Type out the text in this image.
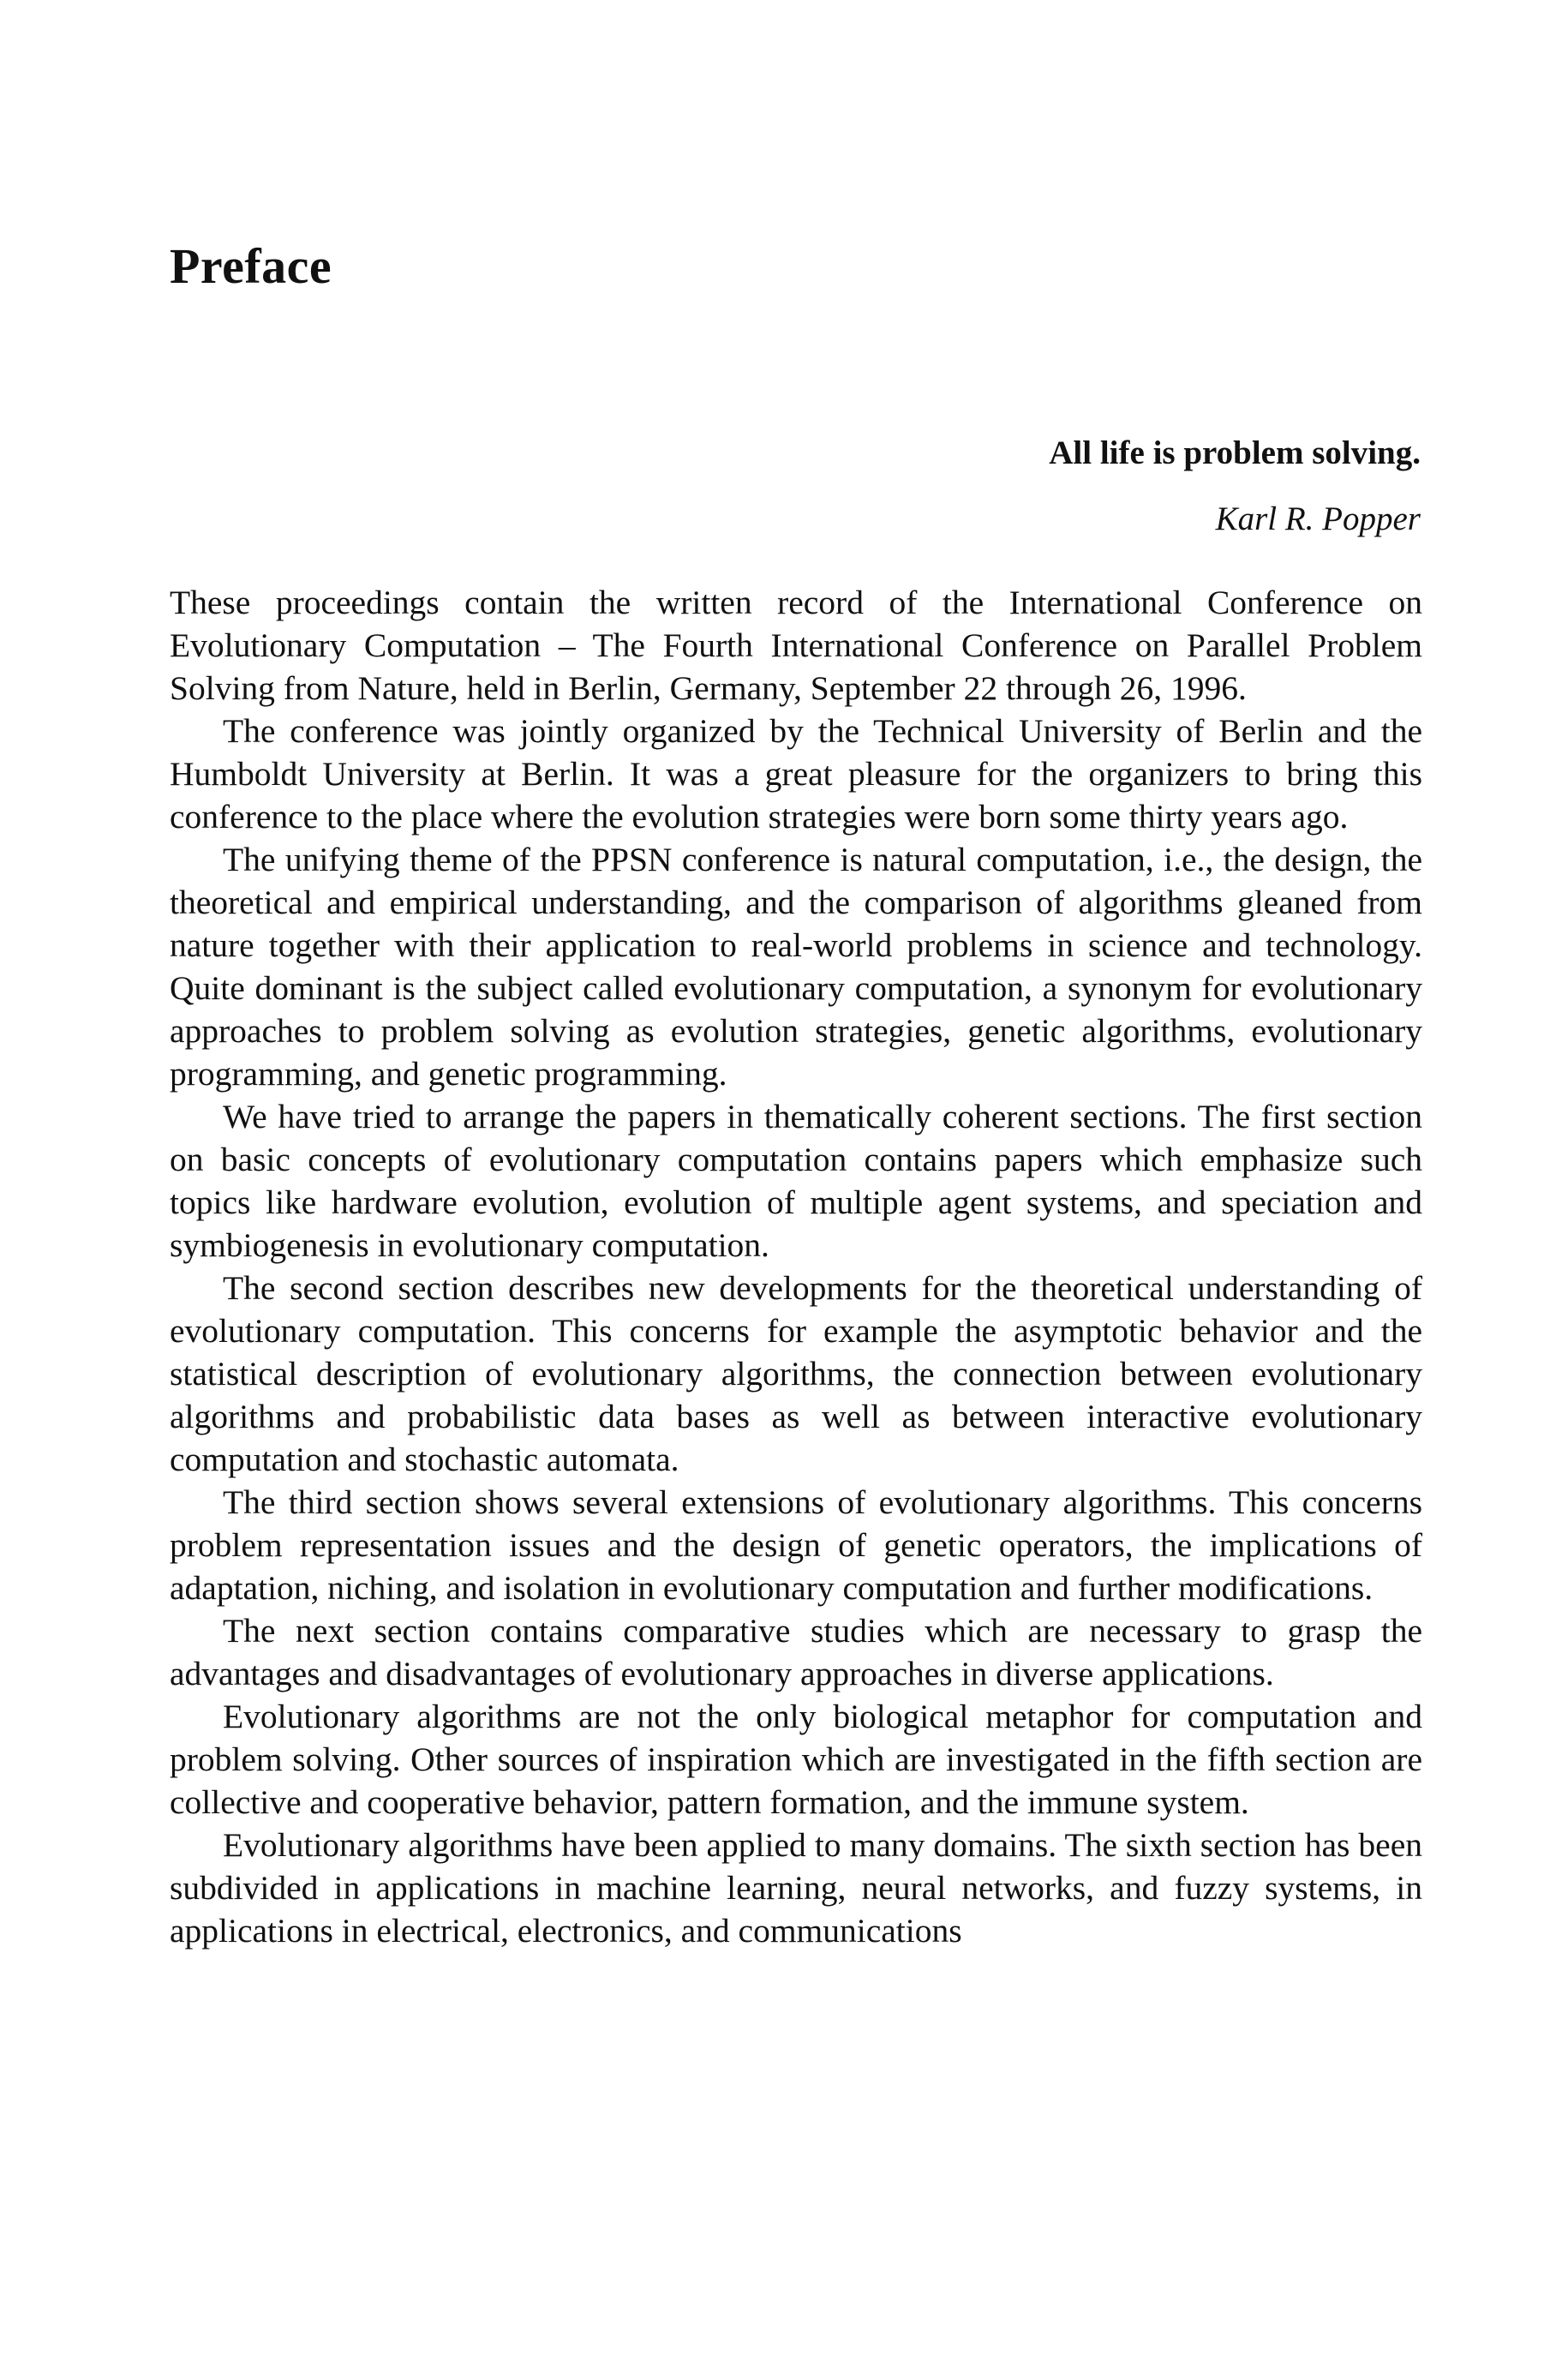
Preface
All life is problem solving.
Karl R. Popper

These proceedings contain the written record of the International Conference on Evolutionary Computation – The Fourth International Conference on Parallel Problem Solving from Nature, held in Berlin, Germany, September 22 through 26, 1996.

The conference was jointly organized by the Technical University of Berlin and the Humboldt University at Berlin. It was a great pleasure for the organizers to bring this conference to the place where the evolution strategies were born some thirty years ago.

The unifying theme of the PPSN conference is natural computation, i.e., the design, the theoretical and empirical understanding, and the comparison of algorithms gleaned from nature together with their application to real-world problems in science and technology. Quite dominant is the subject called evolutionary computation, a synonym for evolutionary approaches to problem solving as evolution strategies, genetic algorithms, evolutionary programming, and genetic programming.

We have tried to arrange the papers in thematically coherent sections. The first section on basic concepts of evolutionary computation contains papers which emphasize such topics like hardware evolution, evolution of multiple agent systems, and speciation and symbiogenesis in evolutionary computation.

The second section describes new developments for the theoretical understanding of evolutionary computation. This concerns for example the asymptotic behavior and the statistical description of evolutionary algorithms, the connection between evolutionary algorithms and probabilistic data bases as well as between interactive evolutionary computation and stochastic automata.

The third section shows several extensions of evolutionary algorithms. This concerns problem representation issues and the design of genetic operators, the implications of adaptation, niching, and isolation in evolutionary computation and further modifications.

The next section contains comparative studies which are necessary to grasp the advantages and disadvantages of evolutionary approaches in diverse applications.

Evolutionary algorithms are not the only biological metaphor for computation and problem solving. Other sources of inspiration which are investigated in the fifth section are collective and cooperative behavior, pattern formation, and the immune system.

Evolutionary algorithms have been applied to many domains. The sixth section has been subdivided in applications in machine learning, neural networks, and fuzzy systems, in applications in electrical, electronics, and communications
